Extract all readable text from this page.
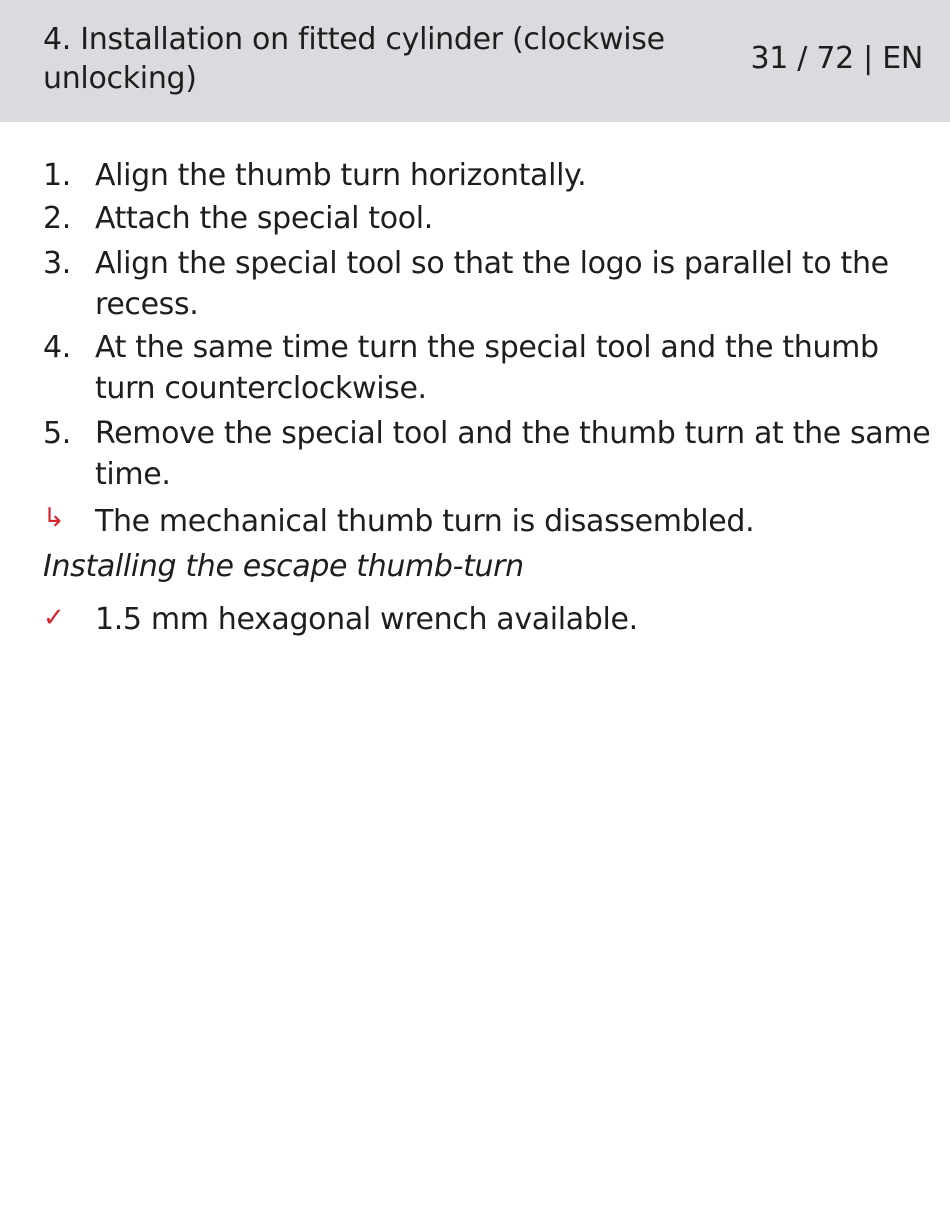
4. Installation on fitted cylinder (clockwise unlocking)
31 / 72 | EN
1. Align the thumb turn horizontally.
2. Attach the special tool.
3. Align the special tool so that the logo is parallel to the recess.
4. At the same time turn the special tool and the thumb turn counterclockwise.
5. Remove the special tool and the thumb turn at the same time.
↳ The mechanical thumb turn is disassembled.
Installing the escape thumb-turn
✓ 1.5 mm hexagonal wrench available.
